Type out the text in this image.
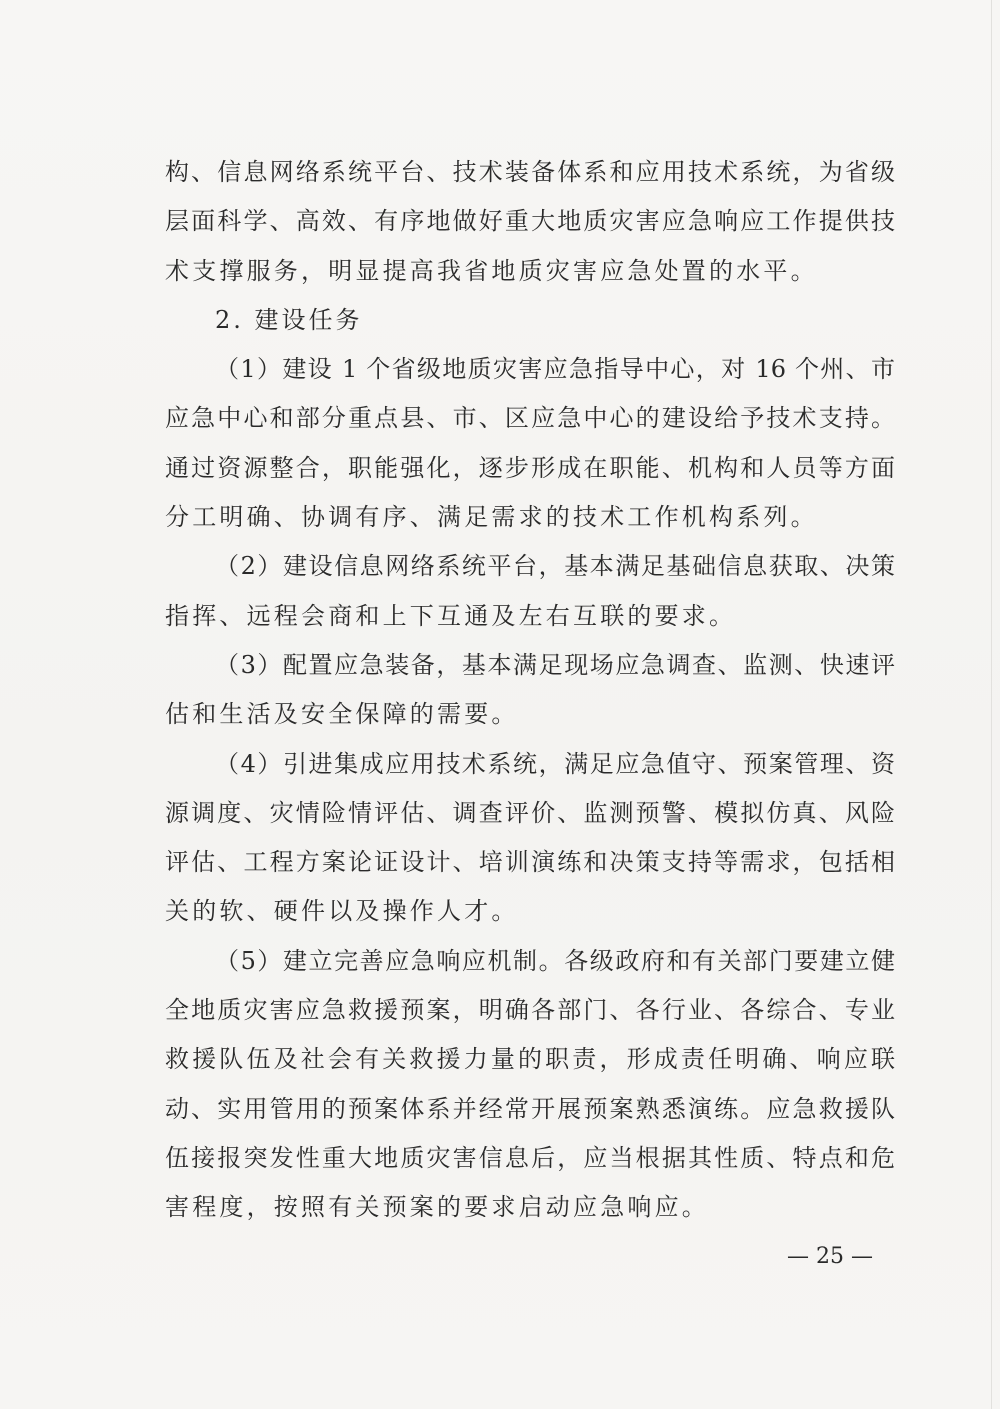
构、信息网络系统平台、技术装备体系和应用技术系统，为省级
层面科学、高效、有序地做好重大地质灾害应急响应工作提供技
术支撑服务，明显提高我省地质灾害应急处置的水平。
2. 建设任务
（1）建设 1 个省级地质灾害应急指导中心，对 16 个州、市
应急中心和部分重点县、市、区应急中心的建设给予技术支持。
通过资源整合，职能强化，逐步形成在职能、机构和人员等方面
分工明确、协调有序、满足需求的技术工作机构系列。
（2）建设信息网络系统平台，基本满足基础信息获取、决策
指挥、远程会商和上下互通及左右互联的要求。
（3）配置应急装备，基本满足现场应急调查、监测、快速评
估和生活及安全保障的需要。
（4）引进集成应用技术系统，满足应急值守、预案管理、资
源调度、灾情险情评估、调查评价、监测预警、模拟仿真、风险
评估、工程方案论证设计、培训演练和决策支持等需求，包括相
关的软、硬件以及操作人才。
（5）建立完善应急响应机制。各级政府和有关部门要建立健
全地质灾害应急救援预案，明确各部门、各行业、各综合、专业
救援队伍及社会有关救援力量的职责，形成责任明确、响应联
动、实用管用的预案体系并经常开展预案熟悉演练。应急救援队
伍接报突发性重大地质灾害信息后，应当根据其性质、特点和危
害程度，按照有关预案的要求启动应急响应。
— 25 —
